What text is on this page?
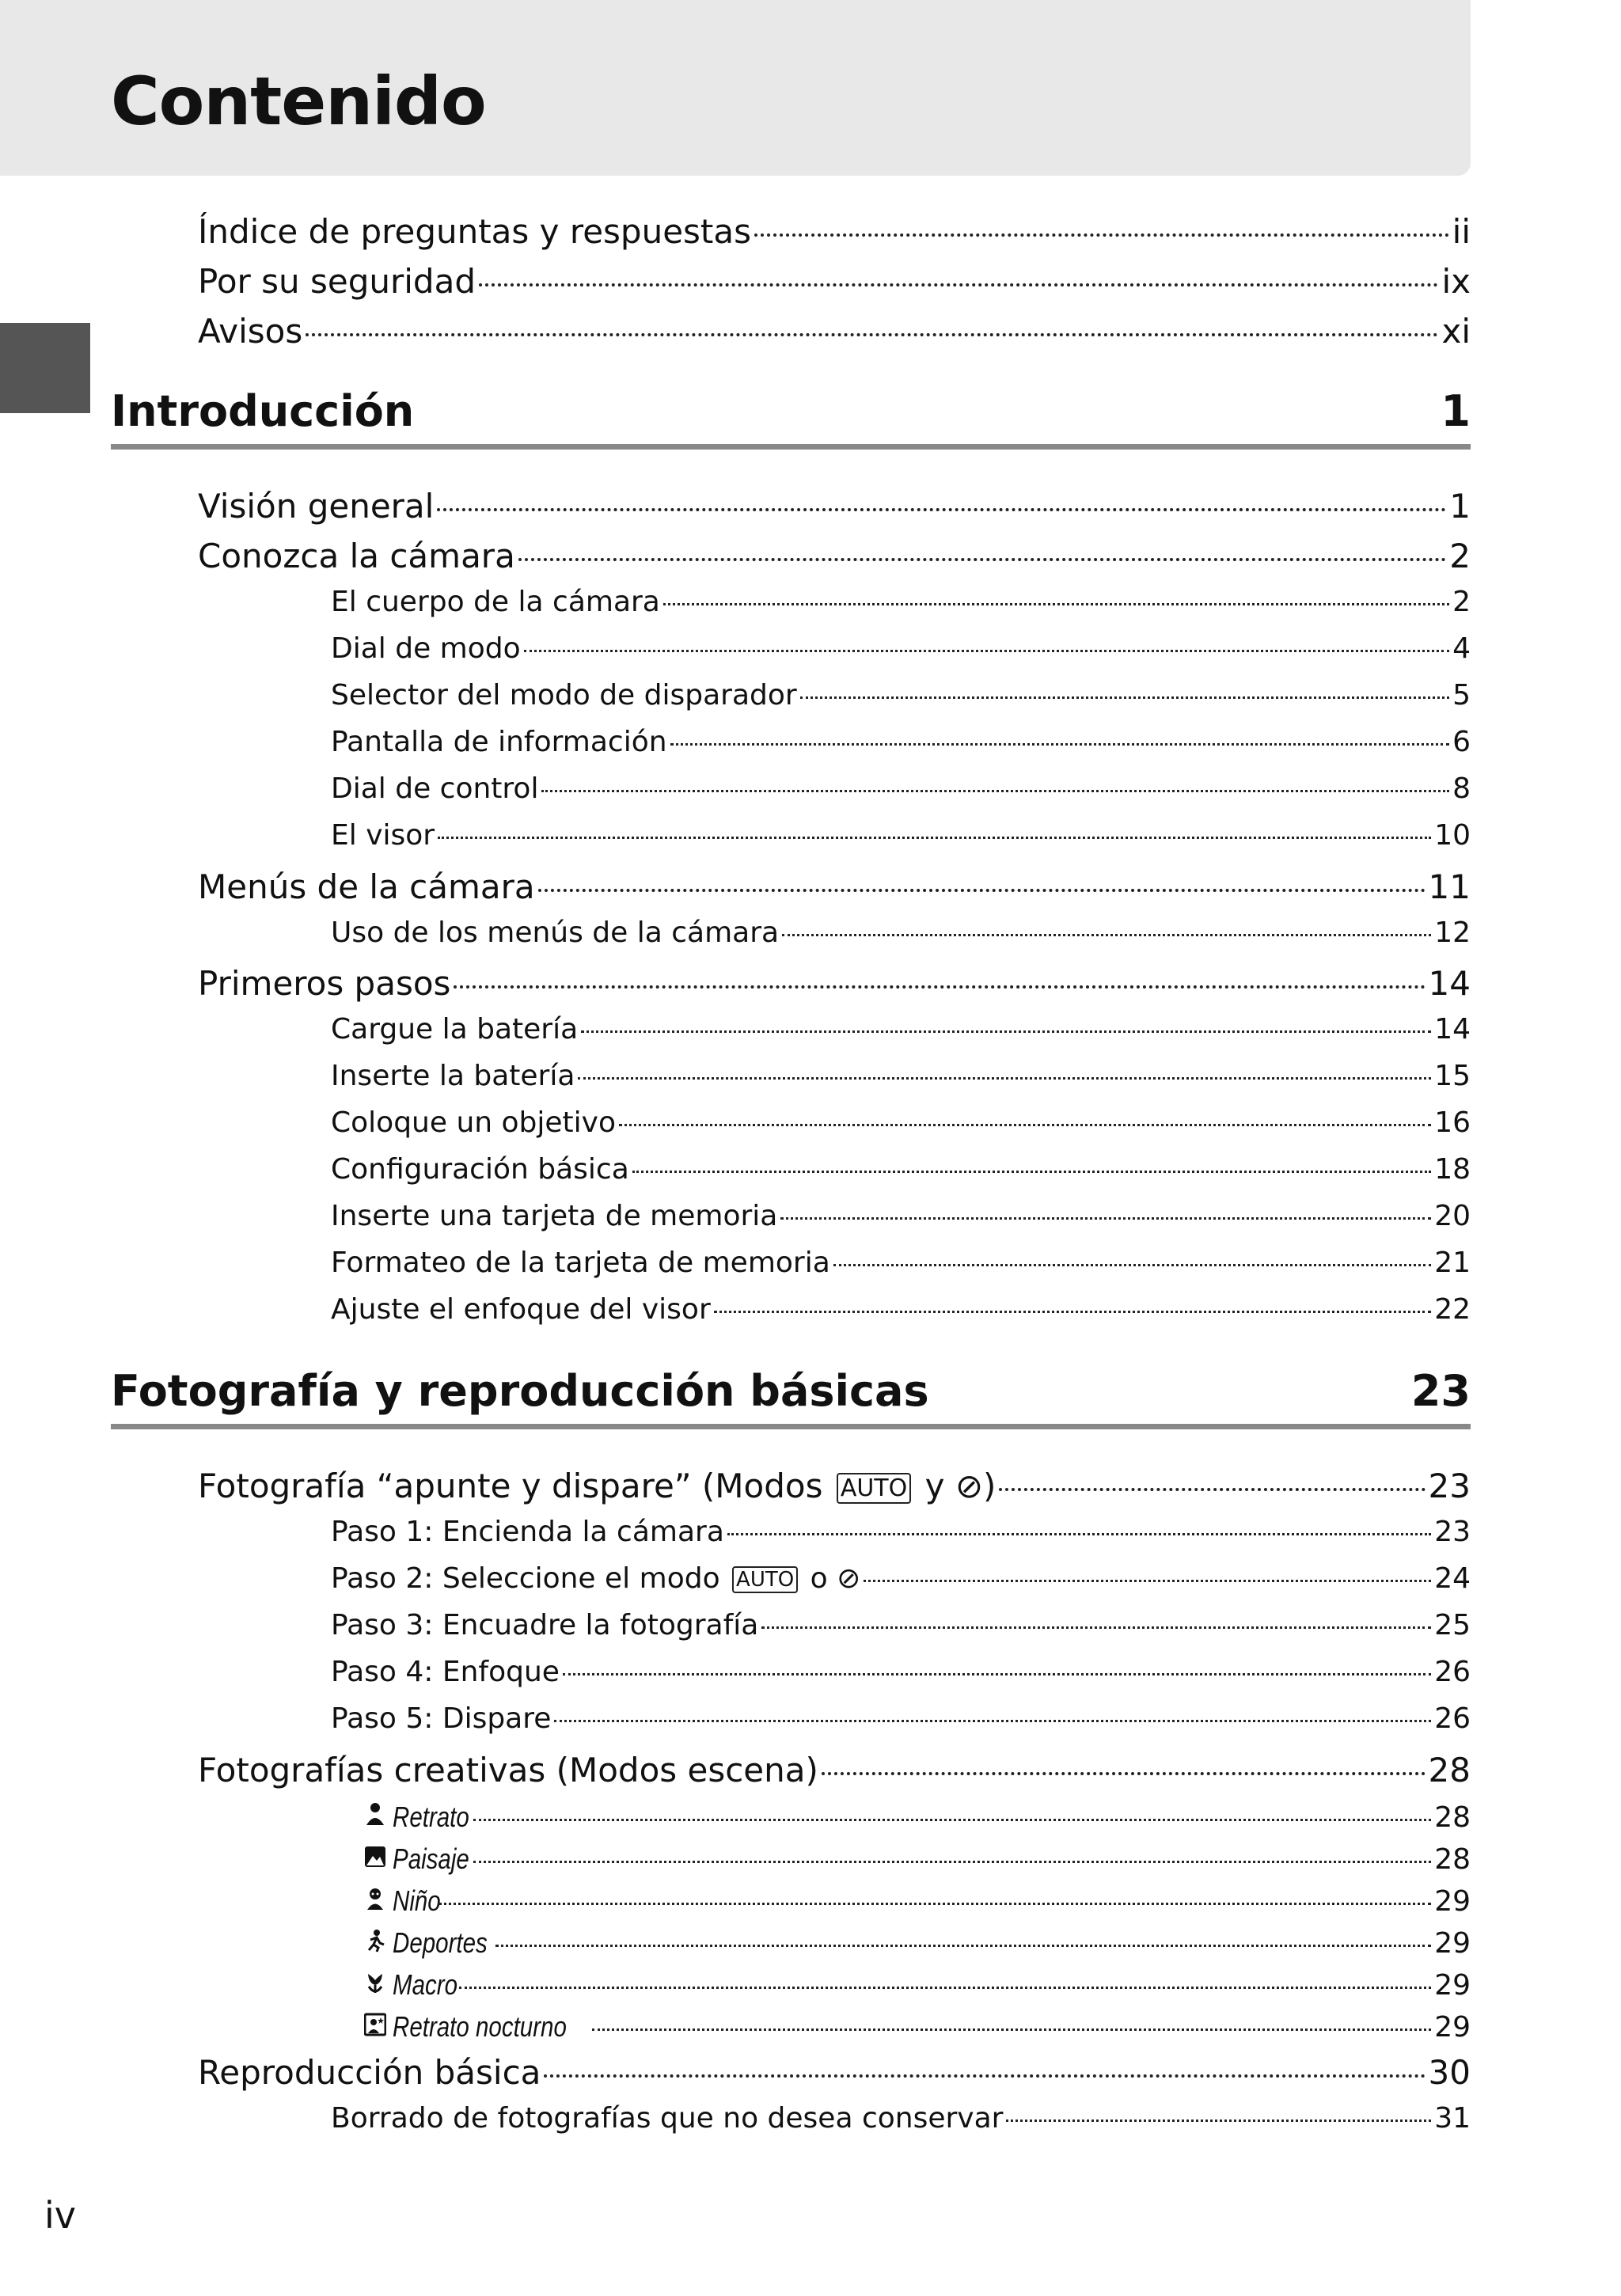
Contenido
Índice de preguntas y respuestas	ii
Por su seguridad	ix
Avisos	xi
Introducción	1
Visión general	1
Conozca la cámara	2
El cuerpo de la cámara	2
Dial de modo	4
Selector del modo de disparador	5
Pantalla de información	6
Dial de control	8
El visor	10
Menús de la cámara	11
Uso de los menús de la cámara	12
Primeros pasos	14
Cargue la batería	14
Inserte la batería	15
Coloque un objetivo	16
Configuración básica	18
Inserte una tarjeta de memoria	20
Formateo de la tarjeta de memoria	21
Ajuste el enfoque del visor	22
Fotografía y reproducción básicas	23
Fotografía “apunte y dispare” (Modos AUTO y ⊘)	23
Paso 1: Encienda la cámara	23
Paso 2: Seleccione el modo AUTO o ⊘	24
Paso 3: Encuadre la fotografía	25
Paso 4: Enfoque	26
Paso 5: Dispare	26
Fotografías creativas (Modos escena)	28
Retrato	28
Paisaje	28
Niño	29
Deportes	29
Macro	29
Retrato nocturno	29
Reproducción básica	30
Borrado de fotografías que no desea conservar	31
iv
